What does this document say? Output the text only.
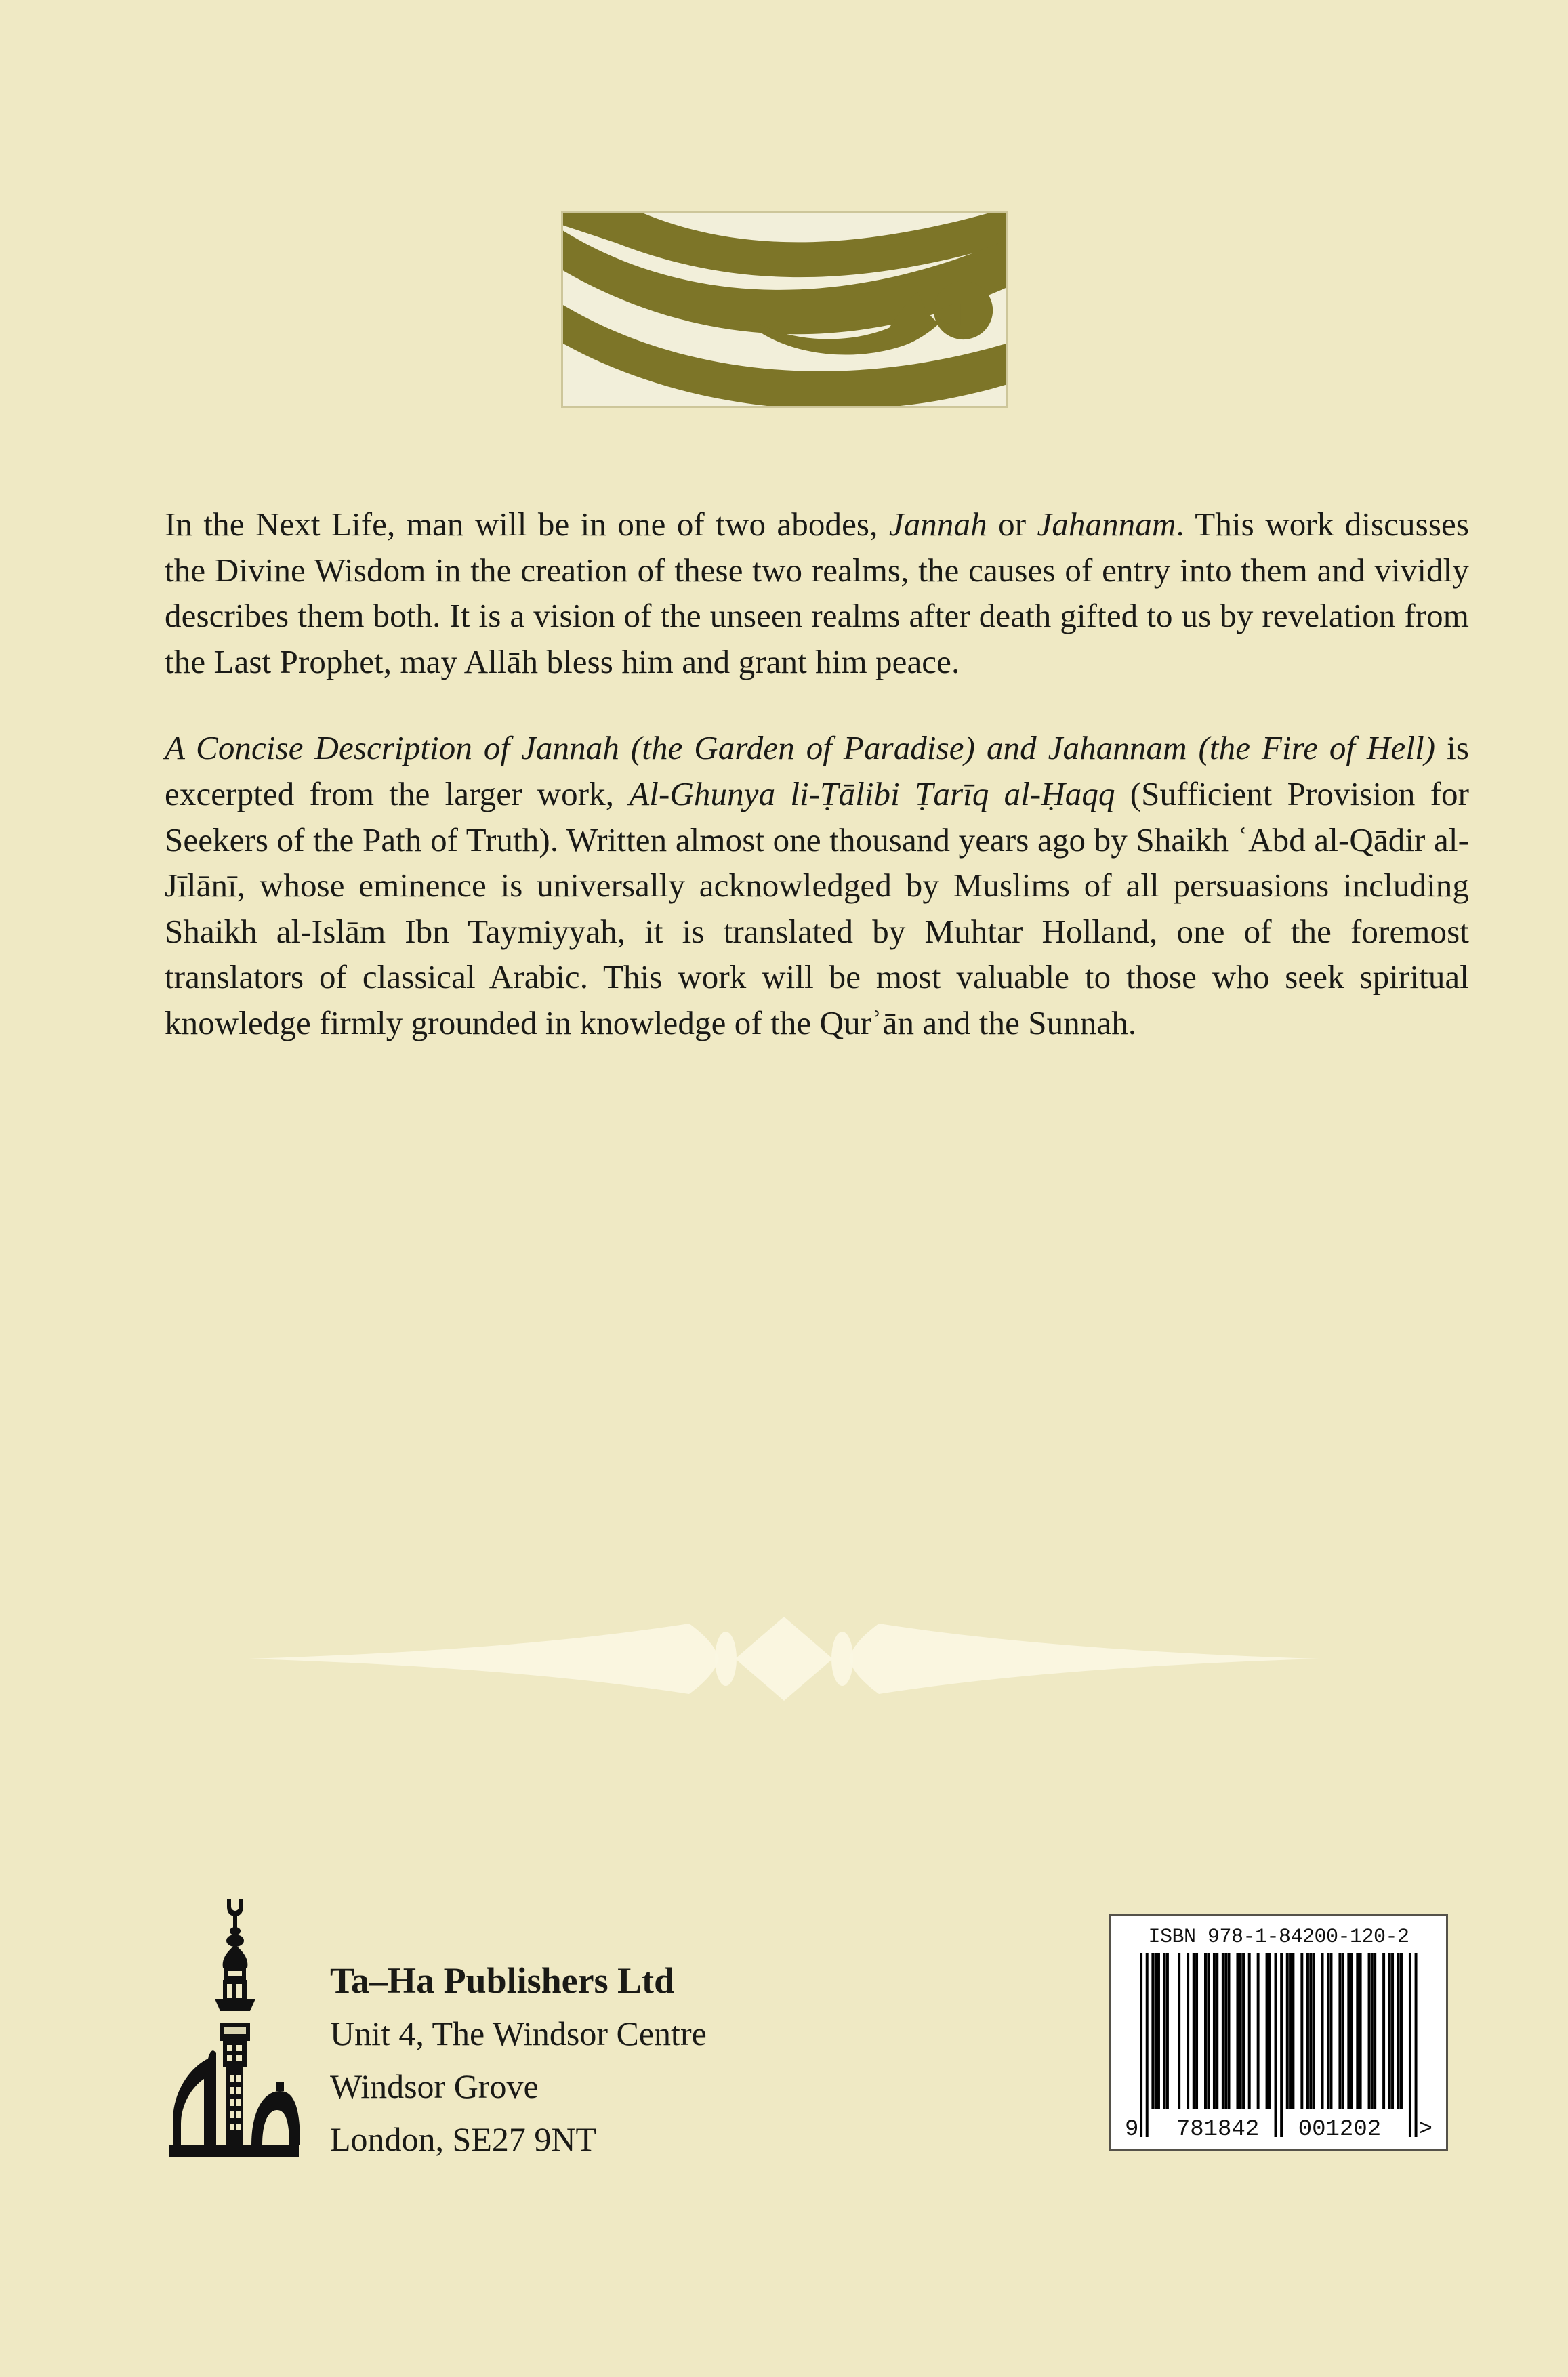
In the Next Life, man will be in one of two abodes, Jannah or Jahannam. This work discusses the Divine Wisdom in the creation of these two realms, the causes of entry into them and vividly describes them both. It is a vision of the unseen realms after death gifted to us by revelation from the Last Prophet, may Allāh bless him and grant him peace.

A Concise Description of Jannah (the Garden of Paradise) and Jahannam (the Fire of Hell) is excerpted from the larger work, Al-Ghunya li-Ṭālibi Ṭarīq al-Ḥaqq (Sufficient Provision for Seekers of the Path of Truth). Written almost one thousand years ago by Shaikh ʿAbd al-Qādir al-Jīlānī, whose eminence is universally acknowledged by Muslims of all persuasions including Shaikh al-Islām Ibn Taymiyyah, it is translated by Muhtar Holland, one of the foremost translators of classical Arabic. This work will be most valuable to those who seek spiritual knowledge firmly grounded in knowledge of the Qurʾān and the Sunnah.

Ta–Ha Publishers Ltd
Unit 4, The Windsor Centre
Windsor Grove
London, SE27 9NT
ISBN 978-1-84200-120-2
9 781842 001202 >
